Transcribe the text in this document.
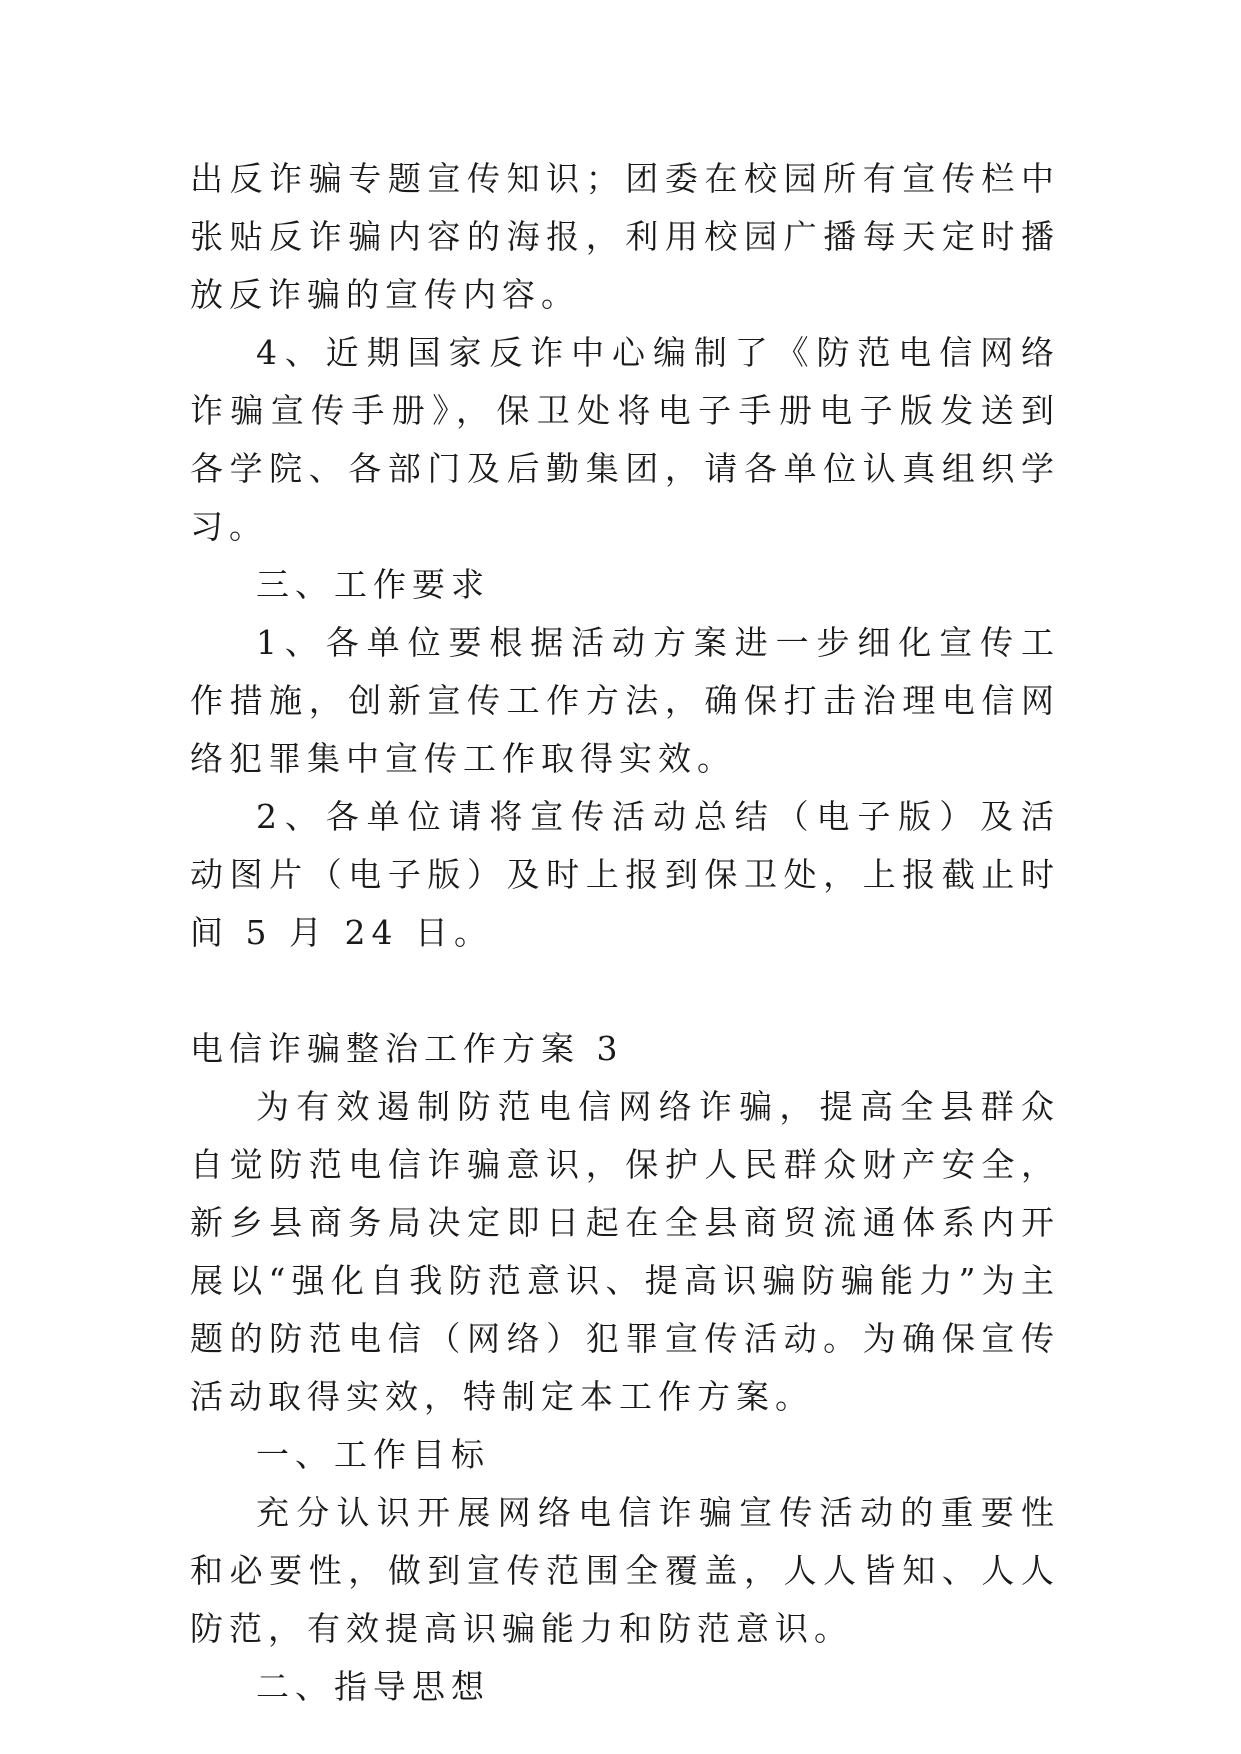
出反诈骗专题宣传知识；团委在校园所有宣传栏中张贴反诈骗内容的海报，利用校园广播每天定时播放反诈骗的宣传内容。

4、近期国家反诈中心编制了《防范电信网络诈骗宣传手册》，保卫处将电子手册电子版发送到各学院、各部门及后勤集团，请各单位认真组织学习。

三、工作要求

1、各单位要根据活动方案进一步细化宣传工作措施，创新宣传工作方法，确保打击治理电信网络犯罪集中宣传工作取得实效。

2、各单位请将宣传活动总结（电子版）及活动图片（电子版）及时上报到保卫处，上报截止时间 5 月 24 日。

电信诈骗整治工作方案 3

为有效遏制防范电信网络诈骗，提高全县群众自觉防范电信诈骗意识，保护人民群众财产安全，新乡县商务局决定即日起在全县商贸流通体系内开展以“强化自我防范意识、提高识骗防骗能力”为主题的防范电信（网络）犯罪宣传活动。为确保宣传活动取得实效，特制定本工作方案。

一、工作目标

充分认识开展网络电信诈骗宣传活动的重要性和必要性，做到宣传范围全覆盖，人人皆知、人人防范，有效提高识骗能力和防范意识。

二、指导思想
